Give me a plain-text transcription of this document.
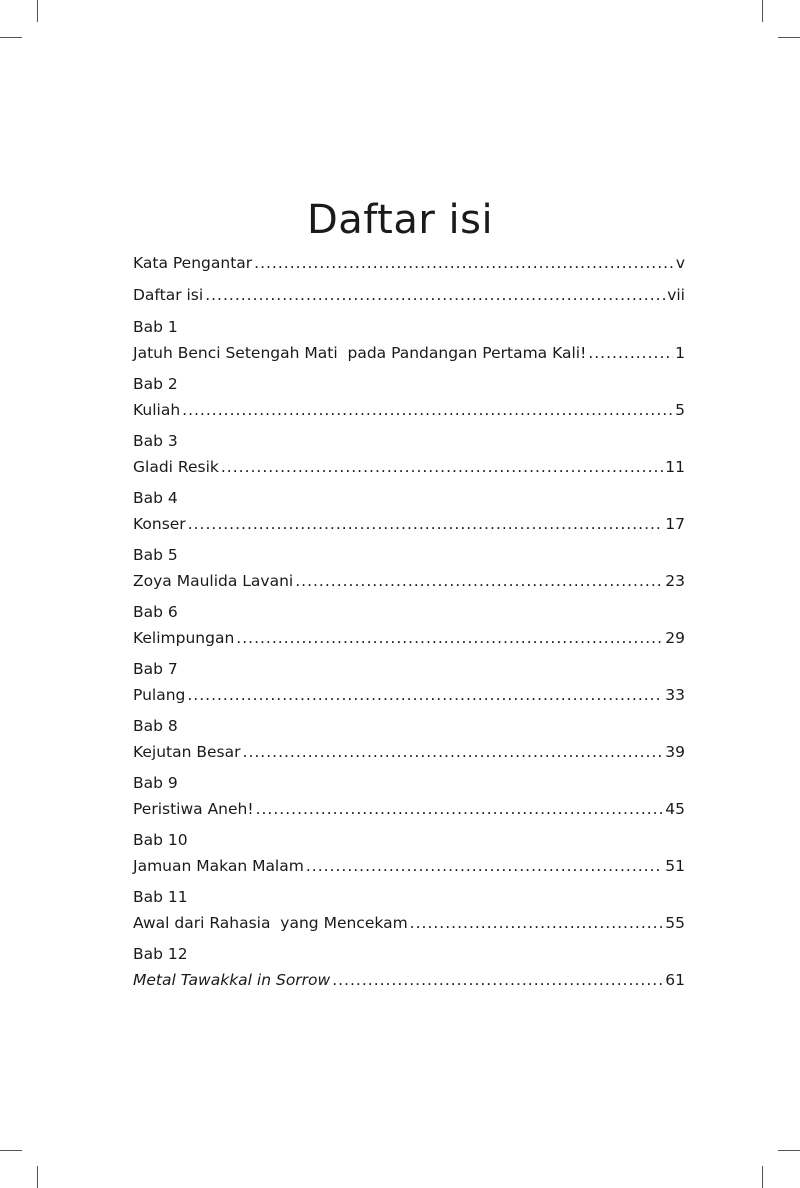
Daftar isi
Kata Pengantar .....	v
Daftar isi .....	vii
Bab 1
Jatuh Benci Setengah Mati  pada Pandangan Pertama Kali! .....	1
Bab 2
Kuliah .....	5
Bab 3
Gladi Resik .....	11
Bab 4
Konser .....	17
Bab 5
Zoya Maulida Lavani .....	23
Bab 6
Kelimpungan .....	29
Bab 7
Pulang .....	33
Bab 8
Kejutan Besar .....	39
Bab 9
Peristiwa Aneh! .....	45
Bab 10
Jamuan Makan Malam .....	51
Bab 11
Awal dari Rahasia  yang Mencekam .....	55
Bab 12
Metal Tawakkal in Sorrow .....	61
